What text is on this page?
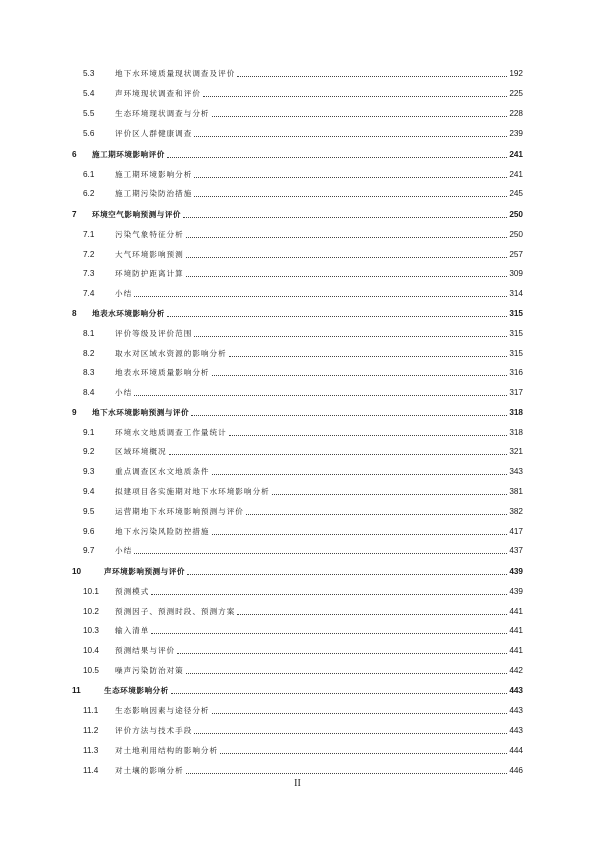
5.3	地下水环境质量现状调查及评价	192
5.4	声环境现状调查和评价	225
5.5	生态环境现状调查与分析	228
5.6	评价区人群健康调查	239
6 施工期环境影响评价	241
6.1	施工期环境影响分析	241
6.2	施工期污染防治措施	245
7 环境空气影响预测与评价	250
7.1	污染气象特征分析	250
7.2	大气环境影响预测	257
7.3	环境防护距离计算	309
7.4	小结	314
8 地表水环境影响分析	315
8.1	评价等级及评价范围	315
8.2	取水对区域水资源的影响分析	315
8.3	地表水环境质量影响分析	316
8.4	小结	317
9 地下水环境影响预测与评价	318
9.1	环境水文地质调查工作量统计	318
9.2	区域环境概况	321
9.3	重点调查区水文地质条件	343
9.4	拟建项目各实施期对地下水环境影响分析	381
9.5	运营期地下水环境影响预测与评价	382
9.6	地下水污染风险防控措施	417
9.7	小结	437
10	声环境影响预测与评价	439
10.1 预测模式	439
10.2 预测因子、预测时段、预测方案	441
10.3 输入清单	441
10.4 预测结果与评价	441
10.5 噪声污染防治对策	442
11	生态环境影响分析	443
11.1 生态影响因素与途径分析	443
11.2 评价方法与技术手段	443
11.3 对土地利用结构的影响分析	444
11.4 对土壤的影响分析	446
II
